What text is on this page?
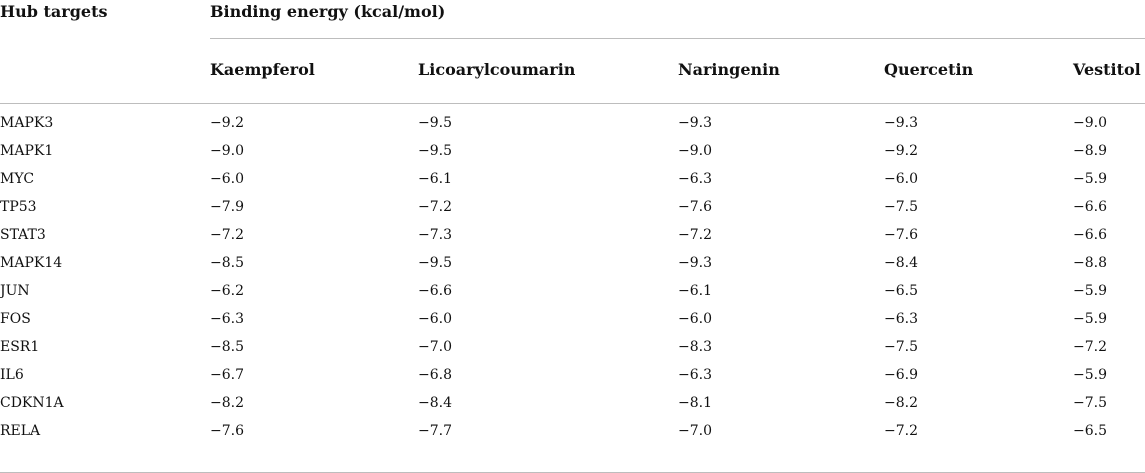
Hub targets	Binding energy (kcal/mol)
Kaempferol	Licoarylcoumarin	Naringenin	Quercetin	Vestitol
MAPK3	−9.2	−9.5	−9.3	−9.3	−9.0
MAPK1	−9.0	−9.5	−9.0	−9.2	−8.9
MYC	−6.0	−6.1	−6.3	−6.0	−5.9
TP53	−7.9	−7.2	−7.6	−7.5	−6.6
STAT3	−7.2	−7.3	−7.2	−7.6	−6.6
MAPK14	−8.5	−9.5	−9.3	−8.4	−8.8
JUN	−6.2	−6.6	−6.1	−6.5	−5.9
FOS	−6.3	−6.0	−6.0	−6.3	−5.9
ESR1	−8.5	−7.0	−8.3	−7.5	−7.2
IL6	−6.7	−6.8	−6.3	−6.9	−5.9
CDKN1A	−8.2	−8.4	−8.1	−8.2	−7.5
RELA	−7.6	−7.7	−7.0	−7.2	−6.5
